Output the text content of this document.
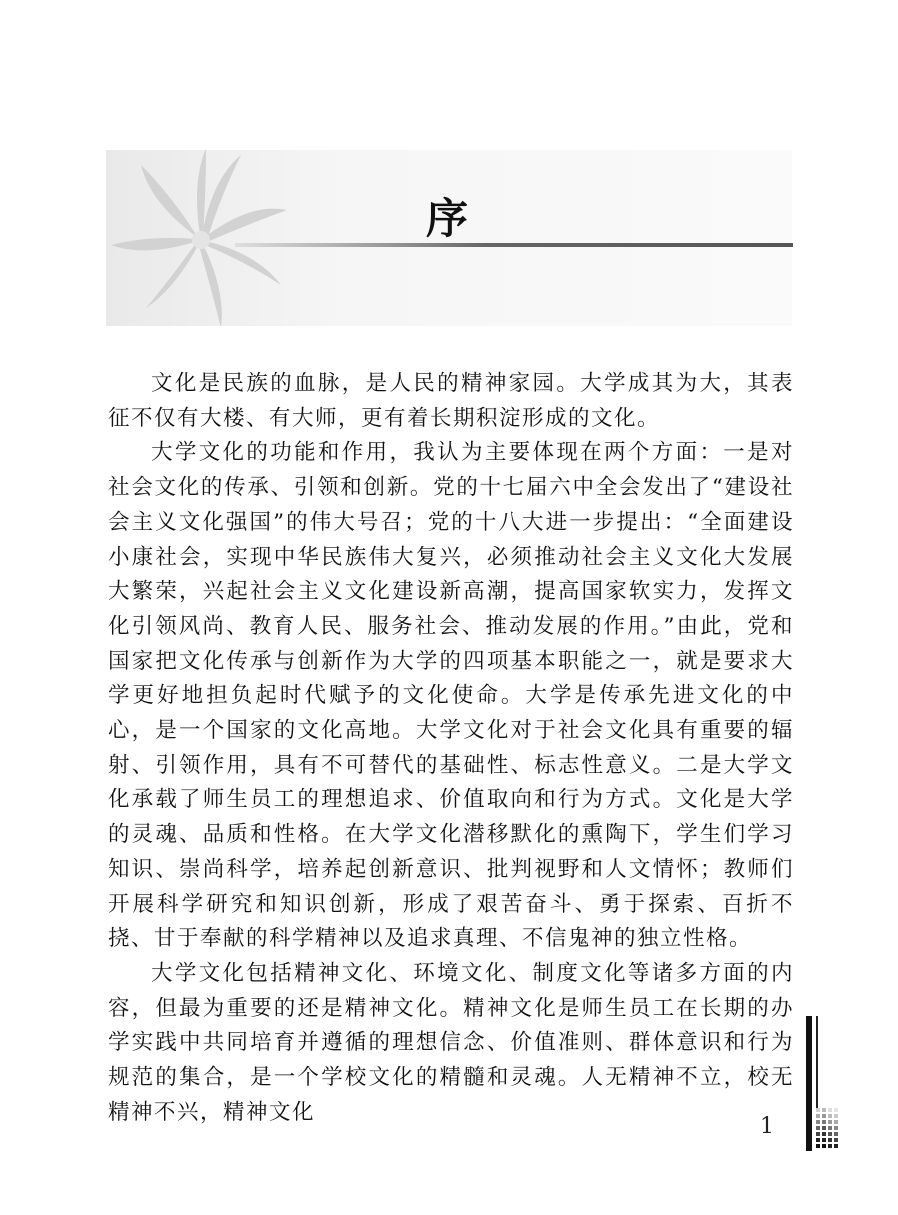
序

文化是民族的血脉，是人民的精神家园。大学成其为大，其表征不仅有大楼、有大师，更有着长期积淀形成的文化。

大学文化的功能和作用，我认为主要体现在两个方面：一是对社会文化的传承、引领和创新。党的十七届六中全会发出了“建设社会主义文化强国”的伟大号召；党的十八大进一步提出：“全面建设小康社会，实现中华民族伟大复兴，必须推动社会主义文化大发展大繁荣，兴起社会主义文化建设新高潮，提高国家软实力，发挥文化引领风尚、教育人民、服务社会、推动发展的作用。”由此，党和国家把文化传承与创新作为大学的四项基本职能之一，就是要求大学更好地担负起时代赋予的文化使命。大学是传承先进文化的中心，是一个国家的文化高地。大学文化对于社会文化具有重要的辐射、引领作用，具有不可替代的基础性、标志性意义。二是大学文化承载了师生员工的理想追求、价值取向和行为方式。文化是大学的灵魂、品质和性格。在大学文化潜移默化的熏陶下，学生们学习知识、崇尚科学，培养起创新意识、批判视野和人文情怀；教师们开展科学研究和知识创新，形成了艰苦奋斗、勇于探索、百折不挠、甘于奉献的科学精神以及追求真理、不信鬼神的独立性格。

大学文化包括精神文化、环境文化、制度文化等诸多方面的内容，但最为重要的还是精神文化。精神文化是师生员工在长期的办学实践中共同培育并遵循的理想信念、价值准则、群体意识和行为规范的集合，是一个学校文化的精髓和灵魂。人无精神不立，校无精神不兴，精神文化

1
